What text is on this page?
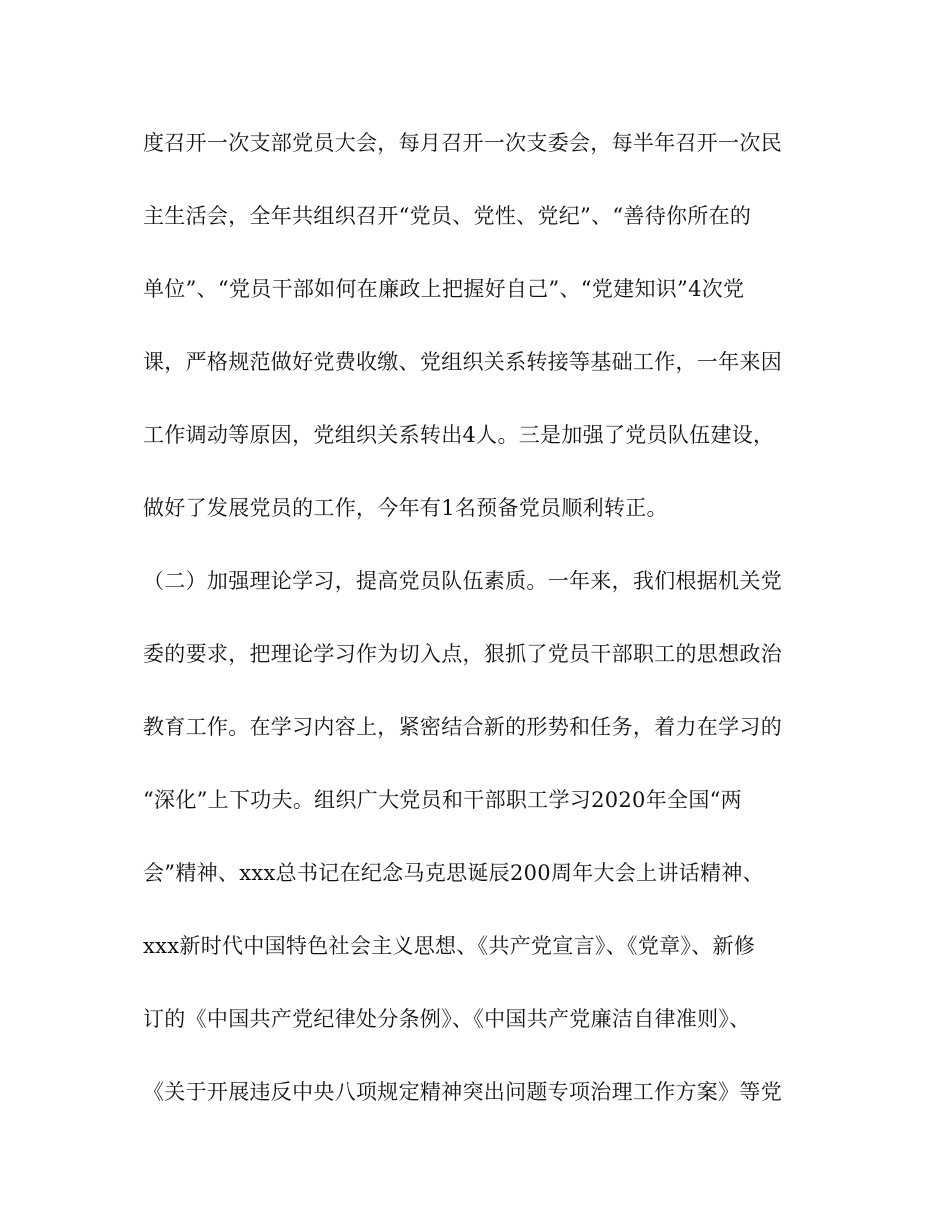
度召开一次支部党员大会，每月召开一次支委会，每半年召开一次民
主生活会，全年共组织召开“党员、党性、党纪”、“善待你所在的
单位”、“党员干部如何在廉政上把握好自己”、“党建知识”4次党
课，严格规范做好党费收缴、党组织关系转接等基础工作，一年来因
工作调动等原因，党组织关系转出4人。三是加强了党员队伍建设，
做好了发展党员的工作，今年有1名预备党员顺利转正。
（二）加强理论学习，提高党员队伍素质。一年来，我们根据机关党
委的要求，把理论学习作为切入点，狠抓了党员干部职工的思想政治
教育工作。在学习内容上，紧密结合新的形势和任务，着力在学习的
“深化”上下功夫。组织广大党员和干部职工学习2020年全国“两
会”精神、xxx总书记在纪念马克思诞辰200周年大会上讲话精神、
xxx新时代中国特色社会主义思想、《共产党宣言》、《党章》、新修
订的《中国共产党纪律处分条例》、《中国共产党廉洁自律准则》、
《关于开展违反中央八项规定精神突出问题专项治理工作方案》等党
